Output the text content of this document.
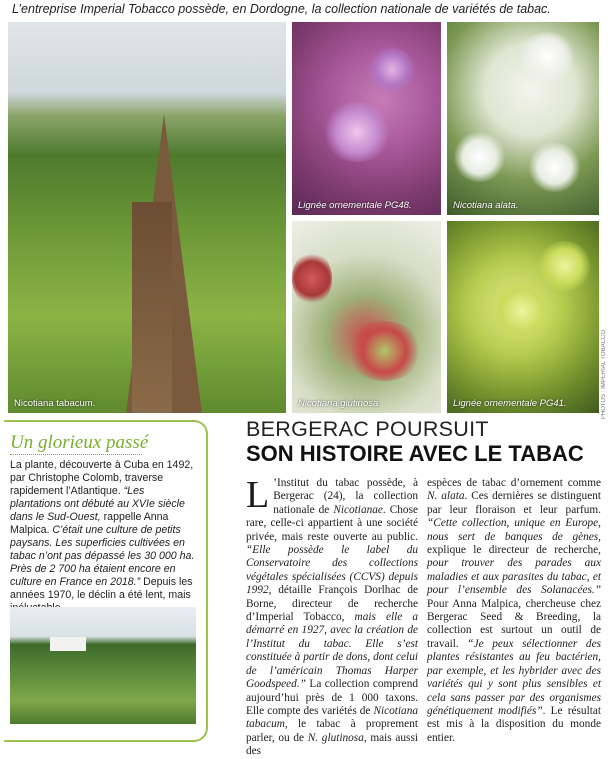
L’entreprise Imperial Tobacco possède, en Dordogne, la collection nationale de variétés de tabac.
Nicotiana tabacum.
Lignée ornementale PG48.	Nicotiana alata.
Nicotiana glutinosa.	Lignée ornementale PG41.	PHOTOS : IMPERIAL TOBACCO
Un glorieux passé
La plante, découverte à Cuba en 1492, par Christophe Colomb, traverse rapidement l’Atlantique. “Les plantations ont débuté au XVIe siècle dans le Sud-Ouest, rappelle Anna Malpica. C’était une culture de petits paysans. Les superficies cultivées en tabac n’ont pas dépassé les 30 000 ha. Près de 2 700 ha étaient encore en culture en France en 2018.” Depuis les années 1970, le déclin a été lent, mais
BERGERAC POURSUIT
SON HISTOIRE AVEC LE TABAC
L ’Institut du tabac possède, à Bergerac (24), la collection nationale de Nicotianae. Chose rare, celle-ci appartient à une société privée, mais reste ouverte au public. “Elle possède le label du Conservatoire des collections végétales spécialisées (CCVS) depuis 1992, détaille François Dorlhac de Borne, directeur de recherche d’Imperial Tobacco, mais elle a démarré en 1927, avec la création de l’Institut du tabac. Elle s’est constituée à partir de dons, dont celui de l’américain Thomas Harper Goodspeed.” La collection comprend aujourd’hui près de 1 000 taxons. Elle compte des variétés de Nicotiana tabacum, le tabac à proprement parler, ou de N. glutinosa, mais aussi des
espèces de tabac d’ornement comme N. alata. Ces dernières se distinguent par leur floraison et leur parfum. “Cette collection, unique en Europe, nous sert de banques de gènes, explique le directeur de recherche, pour trouver des parades aux maladies et aux parasites du tabac, et pour l’ensemble des Solanacées.” Pour Anna Malpica, chercheuse chez Bergerac Seed & Breeding, la collection est surtout un outil de travail. “Je peux sélectionner des plantes résistantes au feu bactérien, par exemple, et les hybrider avec des variétés qui y sont plus sensibles et cela sans passer par des organismes génétiquement modifiés”. Le résultat est mis à la disposition du monde entier.
